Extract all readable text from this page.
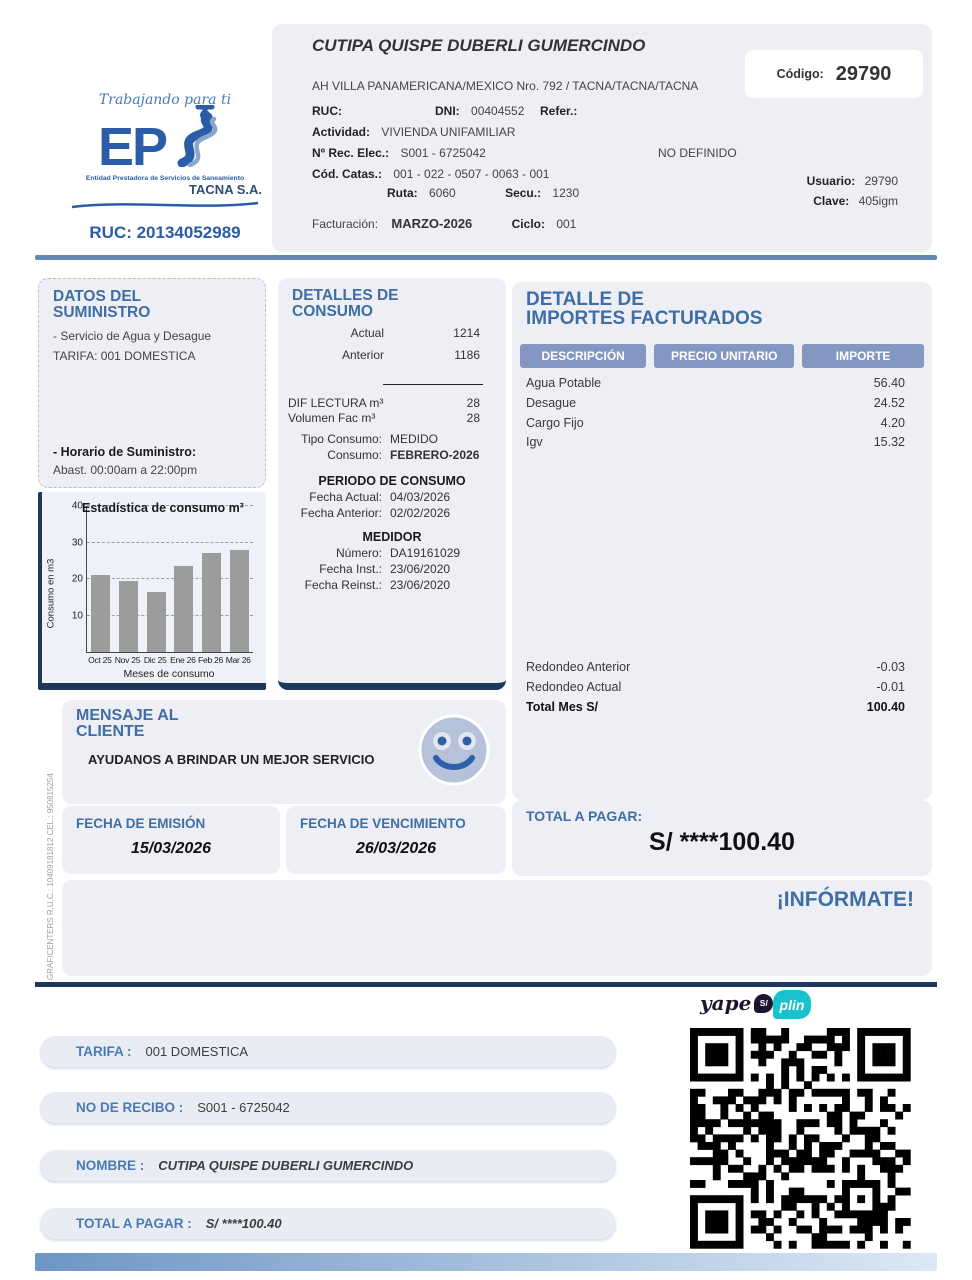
Trabajando para ti
EP
Entidad Prestadora de Servicios de Saneamiento
TACNA S.A.
RUC: 20134052989
CUTIPA QUISPE DUBERLI GUMERCINDO
Código: 29790
AH VILLA PANAMERICANA/MEXICO Nro. 792 / TACNA/TACNA/TACNA
RUC:	DNI: 00404552 Refer.:
Actividad: VIVIENDA UNIFAMILIAR
Nº Rec. Elec.: S001 - 6725042	NO DEFINIDO
Cód. Catas.: 001 - 022 - 0507 - 0063 - 001
Ruta: 6060	Secu.: 1230
Usuario: 29790
Clave: 405igm
Facturación: MARZO-2026	Ciclo: 001
DATOS DEL SUMINISTRO
- Servicio de Agua y Desague
TARIFA: 001 DOMESTICA
- Horario de Suministro:
Abast. 00:00am a 22:00pm
Consumo en m3 10
20
30
40 Estadística de consumo m³
Oct 25 Nov 25 Dic 25 Ene 26 Feb 26 Mar 26
Meses de consumo
DETALLES DE CONSUMO
Actual	1214
Anterior	1186
DIF LECTURA m³	28
Volumen Fac m³	28
Tipo Consumo: MEDIDO
Consumo: FEBRERO-2026
PERIODO DE CONSUMO
Fecha Actual: 04/03/2026
Fecha Anterior: 02/02/2026
MEDIDOR
Número: DA19161029
Fecha Inst.: 23/06/2020
Fecha Reinst.: 23/06/2020
DETALLE DE
IMPORTES FACTURADOS
DESCRIPCIÓN	PRECIO UNITARIO	IMPORTE
Agua Potable	56.40
Desague	24.52
Cargo Fijo	4.20
Igv	15.32
Redondeo Anterior	-0.03
Redondeo Actual	-0.01
Total Mes S/	100.40
MENSAJE AL CLIENTE
AYUDANOS A BRINDAR UN MEJOR SERVICIO
FECHA DE EMISIÓN
15/03/2026
FECHA DE VENCIMIENTO
26/03/2026
TOTAL A PAGAR:
S/ ****100.40
¡INFÓRMATE!
yape S/ plin
TARIFA : 001 DOMESTICA
NO DE RECIBO : S001 - 6725042
NOMBRE : CUTIPA QUISPE DUBERLI GUMERCINDO
TOTAL A PAGAR : S/ ****100.40
GRAFICENTERS R.U.C.: 10409181812 CEL.: 950815254
